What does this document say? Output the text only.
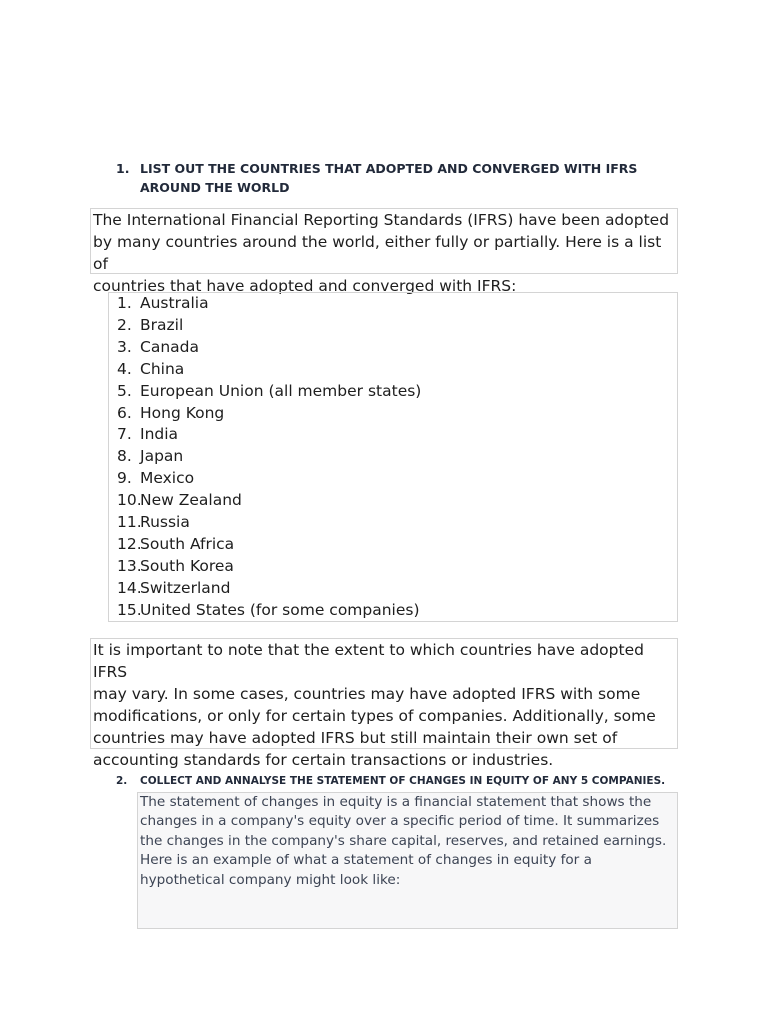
1. LIST OUT THE COUNTRIES THAT ADOPTED AND CONVERGED WITH IFRS
AROUND THE WORLD
The International Financial Reporting Standards (IFRS) have been adopted
by many countries around the world, either fully or partially. Here is a list of
countries that have adopted and converged with IFRS:
1. Australia
2. Brazil
3. Canada
4. China
5. European Union (all member states)
6. Hong Kong
7. India
8. Japan
9. Mexico
10.
New Zealand
11.
Russia
12.
South Africa
13.
South Korea
14.
Switzerland
15.
United States (for some companies)
It is important to note that the extent to which countries have adopted IFRS
may vary. In some cases, countries may have adopted IFRS with some
modifications, or only for certain types of companies. Additionally, some
countries may have adopted IFRS but still maintain their own set of
accounting standards for certain transactions or industries.
2.	COLLECT AND ANNALYSE THE STATEMENT OF CHANGES IN EQUITY OF ANY 5 COMPANIES.
The statement of changes in equity is a financial statement that shows the
changes in a company's equity over a specific period of time. It summarizes
the changes in the company's share capital, reserves, and retained earnings.
Here is an example of what a statement of changes in equity for a
hypothetical company might look like:
